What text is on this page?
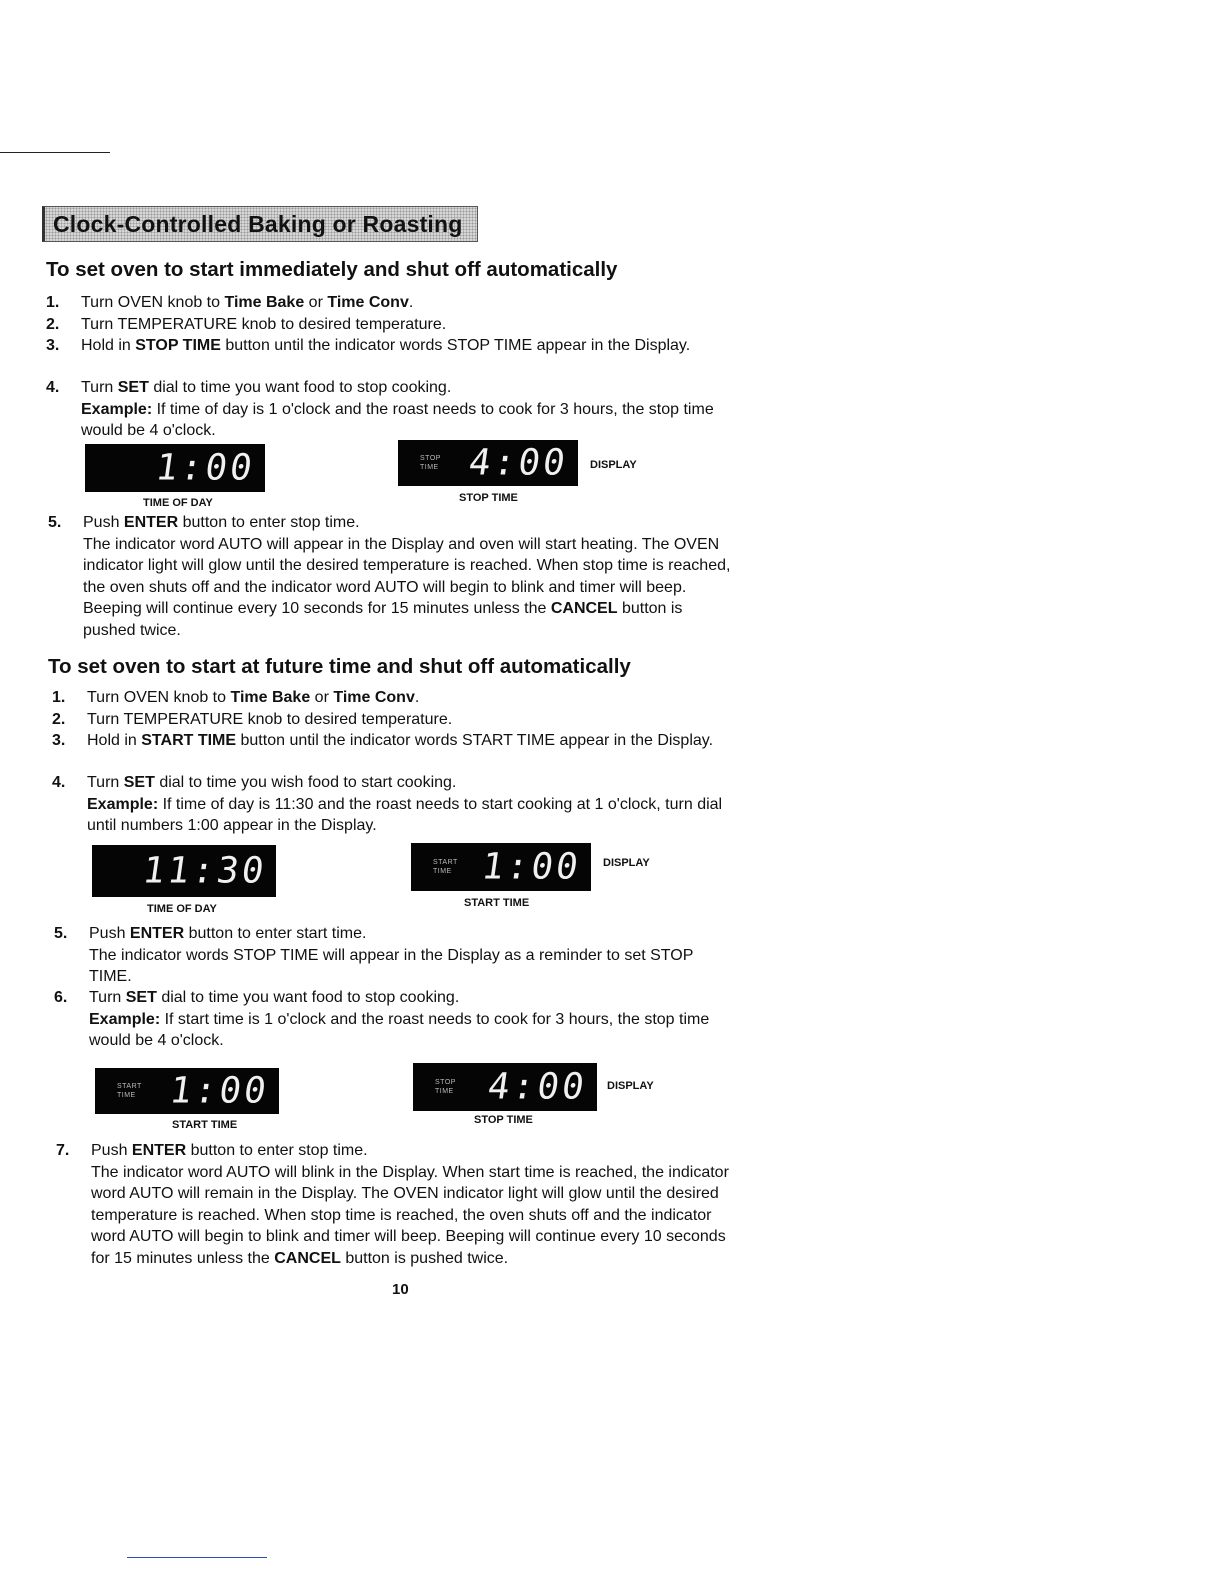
Clock-Controlled Baking or Roasting
To set oven to start immediately and shut off automatically
1. Turn OVEN knob to Time Bake or Time Conv.
2. Turn TEMPERATURE knob to desired temperature.
3. Hold in STOP TIME button until the indicator words STOP TIME appear in the Display.
4. Turn SET dial to time you want food to stop cooking.
Example: If time of day is 1 o'clock and the roast needs to cook for 3 hours, the stop time would be 4 o'clock.

1:00
TIME OF DAY
STOP
TIME 4:00
STOP TIME
DISPLAY
5. Push ENTER button to enter stop time.
The indicator word AUTO will appear in the Display and oven will start heating. The OVEN indicator light will glow until the desired temperature is reached. When stop time is reached, the oven shuts off and the indicator word AUTO will begin to blink and timer will beep. Beeping will continue every 10 seconds for 15 minutes unless the CANCEL button is pushed twice.
To set oven to start at future time and shut off automatically
1. Turn OVEN knob to Time Bake or Time Conv.
2. Turn TEMPERATURE knob to desired temperature.
3. Hold in START TIME button until the indicator words START TIME appear in the Display.
4. Turn SET dial to time you wish food to start cooking.
Example: If time of day is 11:30 and the roast needs to start cooking at 1 o'clock, turn dial until numbers 1:00 appear in the Display.

11:30
TIME OF DAY
START
TIME 1:00
START TIME
DISPLAY
5. Push ENTER button to enter start time.
The indicator words STOP TIME will appear in the Display as a reminder to set STOP TIME.
6. Turn SET dial to time you want food to stop cooking.
Example: If start time is 1 o'clock and the roast needs to cook for 3 hours, the stop time would be 4 o'clock.
START
TIME 1:00
START TIME
STOP
TIME 4:00
STOP TIME
DISPLAY
7. Push ENTER button to enter stop time.
The indicator word AUTO will blink in the Display. When start time is reached, the indicator word AUTO will remain in the Display. The OVEN indicator light will glow until the desired temperature is reached. When stop time is reached, the oven shuts off and the indicator word AUTO will begin to blink and timer will beep. Beeping will continue every 10 seconds for 15 minutes unless the CANCEL button is pushed twice.
10
